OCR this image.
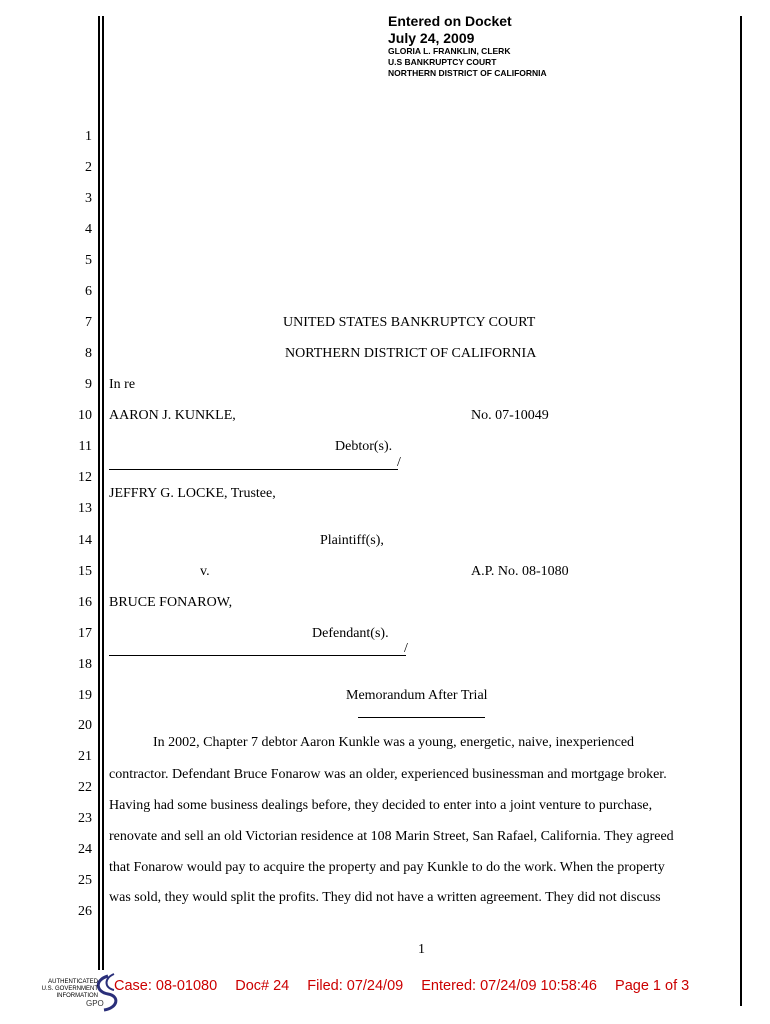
Entered on Docket
July 24, 2009
GLORIA L. FRANKLIN, CLERK
U.S BANKRUPTCY COURT
NORTHERN DISTRICT OF CALIFORNIA
1
2
3
4
5
6
7
8
9
10
11
12
13
14
15
16
17
18
19
20
21
22
23
24
25
26
UNITED STATES BANKRUPTCY COURT
NORTHERN DISTRICT OF CALIFORNIA
In re
AARON J. KUNKLE,	No. 07-10049
Debtor(s).
/
JEFFRY G. LOCKE, Trustee,
Plaintiff(s),
v.	A.P. No. 08-1080
BRUCE FONAROW,
Defendant(s).
/
Memorandum After Trial
In 2002, Chapter 7 debtor Aaron Kunkle was a young, energetic, naive, inexperienced
contractor. Defendant Bruce Fonarow was an older, experienced businessman and mortgage broker.
Having had some business dealings before, they decided to enter into a joint venture to purchase,
renovate and sell an old Victorian residence at 108 Marin Street, San Rafael, California. They agreed
that Fonarow would pay to acquire the property and pay Kunkle to do the work. When the property
was sold, they would split the profits. They did not have a written agreement. They did not discuss
1
AUTHENTICATED
U.S. GOVERNMENT
INFORMATION
GPO
Case: 08-01080 Doc# 24 Filed: 07/24/09 Entered: 07/24/09 10:58:46 Page 1 of 3
